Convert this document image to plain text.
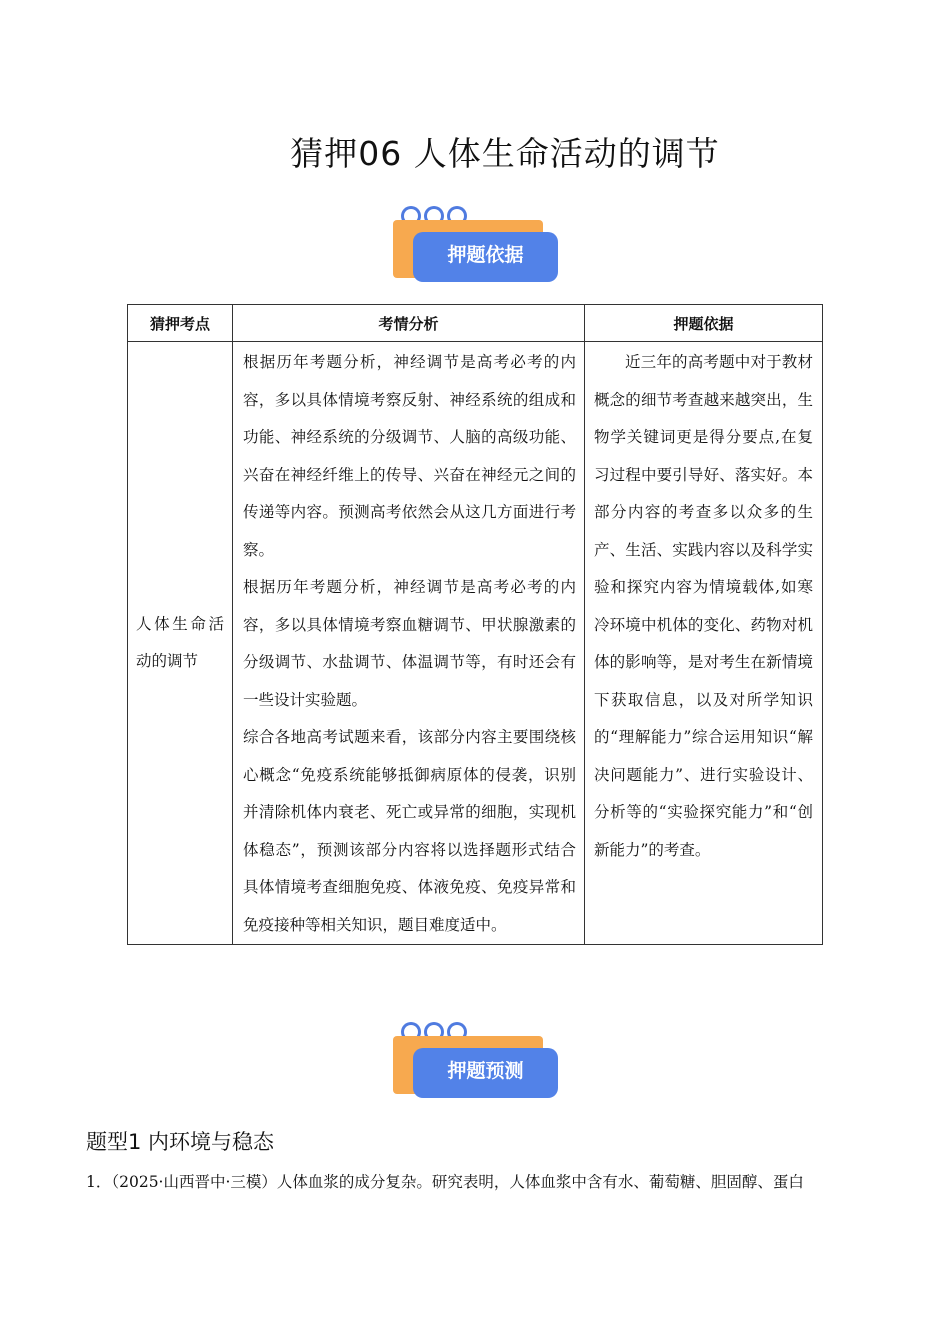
猜押06 人体生命活动的调节
押题依据
猜押考点	考情分析	押题依据
人体生命活动的调节	根据历年考题分析，神经调节是高考必考的内容，多以具体情境考察反射、神经系统的组成和功能、神经系统的分级调节、人脑的高级功能、兴奋在神经纤维上的传导、兴奋在神经元之间的传递等内容。预测高考依然会从这几方面进行考察。

根据历年考题分析，神经调节是高考必考的内容，多以具体情境考察血糖调节、甲状腺激素的分级调节、水盐调节、体温调节等，有时还会有一些设计实验题。

综合各地高考试题来看，该部分内容主要围绕核心概念“免疫系统能够抵御病原体的侵袭，识别并清除机体内衰老、死亡或异常的细胞，实现机体稳态”，预测该部分内容将以选择题形式结合具体情境考查细胞免疫、体液免疫、免疫异常和免疫接种等相关知识，题目难度适中。	近三年的高考题中对于教材概念的细节考查越来越突出，生物学关键词更是得分要点,在复习过程中要引导好、落实好。本部分内容的考查多以众多的生产、生活、实践内容以及科学实验和探究内容为情境载体,如寒冷环境中机体的变化、药物对机体的影响等，是对考生在新情境下获取信息，以及对所学知识的“理解能力”综合运用知识“解决问题能力”、进行实验设计、分析等的“实验探究能力”和“创新能力”的考查。

押题预测
题型1 内环境与稳态
1．（2025·山西晋中·三模）人体血浆的成分复杂。研究表明，人体血浆中含有水、葡萄糖、胆固醇、蛋白
